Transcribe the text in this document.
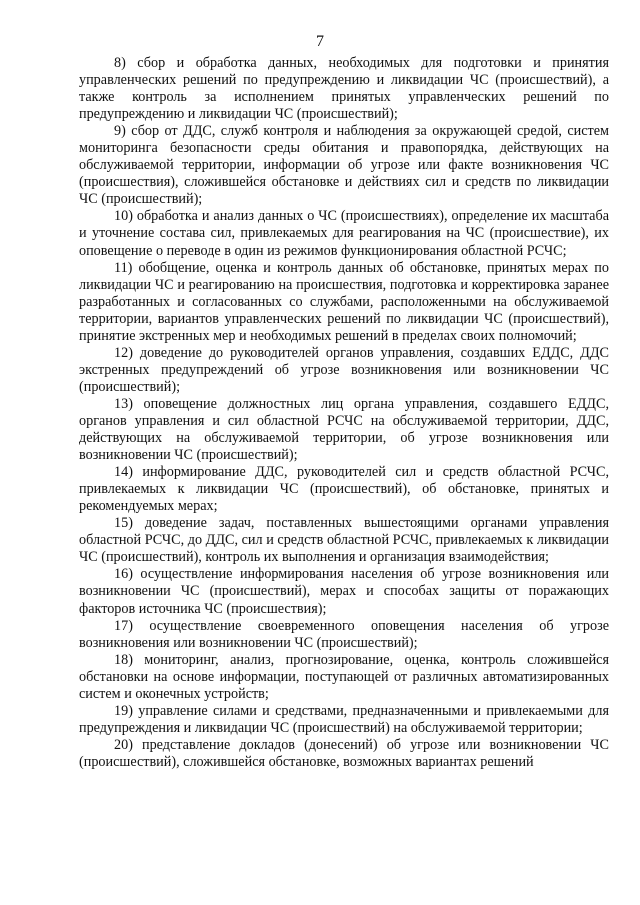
7

8) сбор и обработка данных, необходимых для подготовки и принятия управленческих решений по предупреждению и ликвидации ЧС (происшествий), а также контроль за исполнением принятых управленческих решений по предупреждению и ликвидации ЧС (происшествий);

9) сбор от ДДС, служб контроля и наблюдения за окружающей средой, систем мониторинга безопасности среды обитания и правопорядка, действующих на обслуживаемой территории, информации об угрозе или факте возникновения ЧС (происшествия), сложившейся обстановке и действиях сил и средств по ликвидации ЧС (происшествий);

10) обработка и анализ данных о ЧС (происшествиях), определение их масштаба и уточнение состава сил, привлекаемых для реагирования на ЧС (происшествие), их оповещение о переводе в один из режимов функционирования областной РСЧС;

11) обобщение, оценка и контроль данных об обстановке, принятых мерах по ликвидации ЧС и реагированию на происшествия, подготовка и корректировка заранее разработанных и согласованных со службами, расположенными на обслуживаемой территории, вариантов управленческих решений по ликвидации ЧС (происшествий), принятие экстренных мер и необходимых решений в пределах своих полномочий;

12) доведение до руководителей органов управления, создавших ЕДДС, ДДС экстренных предупреждений об угрозе возникновения или возникновении ЧС (происшествий);

13) оповещение должностных лиц органа управления, создавшего ЕДДС, органов управления и сил областной РСЧС на обслуживаемой территории, ДДС, действующих на обслуживаемой территории, об угрозе возникновения или возникновении ЧС (происшествий);

14) информирование ДДС, руководителей сил и средств областной РСЧС, привлекаемых к ликвидации ЧС (происшествий), об обстановке, принятых и рекомендуемых мерах;

15) доведение задач, поставленных вышестоящими органами управления областной РСЧС, до ДДС, сил и средств областной РСЧС, привлекаемых к ликвидации ЧС (происшествий), контроль их выполнения и организация взаимодействия;

16) осуществление информирования населения об угрозе возникновения или возникновении ЧС (происшествий), мерах и способах защиты от поражающих факторов источника ЧС (происшествия);

17) осуществление своевременного оповещения населения об угрозе возникновения или возникновении ЧС (происшествий);

18) мониторинг, анализ, прогнозирование, оценка, контроль сложившейся обстановки на основе информации, поступающей от различных автоматизированных систем и оконечных устройств;

19) управление силами и средствами, предназначенными и привлекаемыми для предупреждения и ликвидации ЧС (происшествий) на обслуживаемой территории;

20) представление докладов (донесений) об угрозе или возникновении ЧС (происшествий), сложившейся обстановке, возможных вариантах решений
